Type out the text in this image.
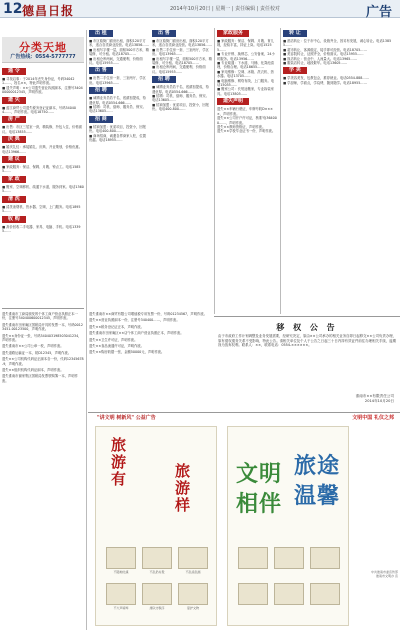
12 德昌日报	2014年10月20日 | 星期一 | 责任编辑 | 责任校对	广告
分类天地
广告热线：0554-5777777
通 令
■ 寻找启事：于2014年丢失身份证，号码340421……，姓名××，特此声明作废。
■ 遗失声明：××公司遗失营业执照副本，注册号340400000012345，声明作废。
遗 失
■ 蓝江商贸公司遗失税务登记证副本，号码340404……，声明作废。电话18750……
房 产
■ 出售：市区三居室一套，精装修，拎包入住，价格面议。电话13855……
庆 典
■ 婚庆礼仪：承接婚礼、庆典、开业策划，价格优惠。电话13966……
建 议
■ 家政服务：保洁、保姆、月嫂、钟点工。电话15855……
家 政
■ 搬家、空调移机、疏通下水道，服务到家。电话13605……
清 洗
■ 清洗油烟机、热水器、空调，上门服务。电话18955……
收 购
■ 高价回收二手电器、家具、电脑、手机。电话13395……
遗失淮南市工商局颁发的个体工商户营业执照正本一份，注册号340400600012345，声明作废。
遗失淮南市田家庵区国税局开具的发票一本，号码00123451-00123500，声明作废。
遗失××身份证一张，号码340403198503041234，声明作废。
遗失淮南市××公司公章一枚，声明作废。
遗失道路运输证一本，皖D12345，声明作废。
遗失××公司机构代码证正副本各一份，代码12345678-9，声明作废。
遗失××组织机构代码证副本，声明作废。
遗失淮南市谢家集区国税局发票领购簿一本，声明作废。
出 租
■ 市区临街门面房出租，面积120平方米，适合各类商业经营。电话13856……
■ 出租写字楼一层，面积500平方米，精装修，可分租。电话18705……
■ 出租仓库两间，交通便利，价格面议。电话15955……
出 售
■ 出售二手住房一套，三室两厅，学区房。电话13965……
招 聘
■ 诚聘业务员若干名，底薪加提成，待遇优厚。电话0554-666……
■ 招聘：司机、厨师、服务员、保安。电话13605……
招 商
■ 招商加盟：优质项目，投资小，回报快。电话400-800……
■ 商场招商，诚邀各界商家入驻，位置优越。电话18955……
出 售
■ 市区临街门面房出租，面积120平方米，适合各类商业经营。电话13856……
■ 出售二手住房一套，三室两厅，学区房。电话13965……
■ 出租写字楼一层，面积500平方米，精装修，可分租。电话18705……
■ 出租仓库两间，交通便利，价格面议。电话15955……
招 聘
■ 诚聘业务员若干名，底薪加提成，待遇优厚。电话0554-666……
■ 招聘：司机、厨师、服务员、保安。电话13605……
■ 招商加盟：优质项目，投资小，回报快。电话400-800……
家政服务
■ 家政服务：保洁、保姆、月嫂、育儿嫂，经验丰富，持证上岗。电话15255……
■ 专业开锁、换锁芯，公安备案，24小时服务。电话13956……
■ 专业疏通：下水道、马桶、化粪池清理，价格合理。电话18655……
■ 家电维修：空调、冰箱、洗衣机、热水器。电话13705……
■ 电脑维修、网络布线，上门服务。电话15055……
■ 搬家公司：长短途搬家，专业拆装家具。电话13805……
遗失声明
遗失××车辆行驶证，车牌号皖D××××，声明作废。
遗失××公司开户许可证，核准号J364000……，声明作废。
遗失××教师资格证，声明作废。
遗失××学校毕业证书一份，声明作废。
转 让
■ 酒店转让：位于市中心，设施齐全，因另有发展，诚心转让。电话13855……
■ 超市转让，客源稳定，接手即可经营。电话18705……
■ 美容院转让，证照齐全，价格面议。电话15955……
■ 饭店转让：营业中，人流量大。电话13965……
■ 服装店转让，地段繁华。电话13605……
学 美
■ 学美容美发，包教包会，推荐就业。电话0554-888……
■ 学厨师，学面点，学烧烤，随到随学。电话18955……
移 权 公 告
由于市政府工作计划调整及业务发展需要，经研究决定，原由××公司承办的相关业务自即日起移交××公司负责办理，原有债权债务关系不受影响，特此公告。请相关单位及个人于公告之日起三十日内持有效证件前往办理相关手续，逾期视为放弃权利。联系人：××，联系电话：0554-××××××。
淮南市××有限责任公司
2014年10月20日
遗失淮南市××商贸有限公司增值税专用发票一份，号码01234567，声明作废。
遗失××营业执照副本一份，注册号340400……，声明作废。
遗失××税务登记证正本，声明作废。
遗失淮南市田家庵区××店个体工商户营业执照正本，声明作废。
遗失××卫生许可证，声明作废。
遗失××食品流通许可证，声明作废。
遗失××购房收据一张，金额50000元，声明作废。
"讲文明 树新风" 公益广告	文明中国 礼仪之邦
旅游有
旅游样
不随地吐痰	不乱扔垃圾	不乱涂乱画
不大声喧哗	排队守秩序	爱护文物
文明
相伴
旅途
温馨
中共淮南市委宣传部 淮南市文明办 宣
